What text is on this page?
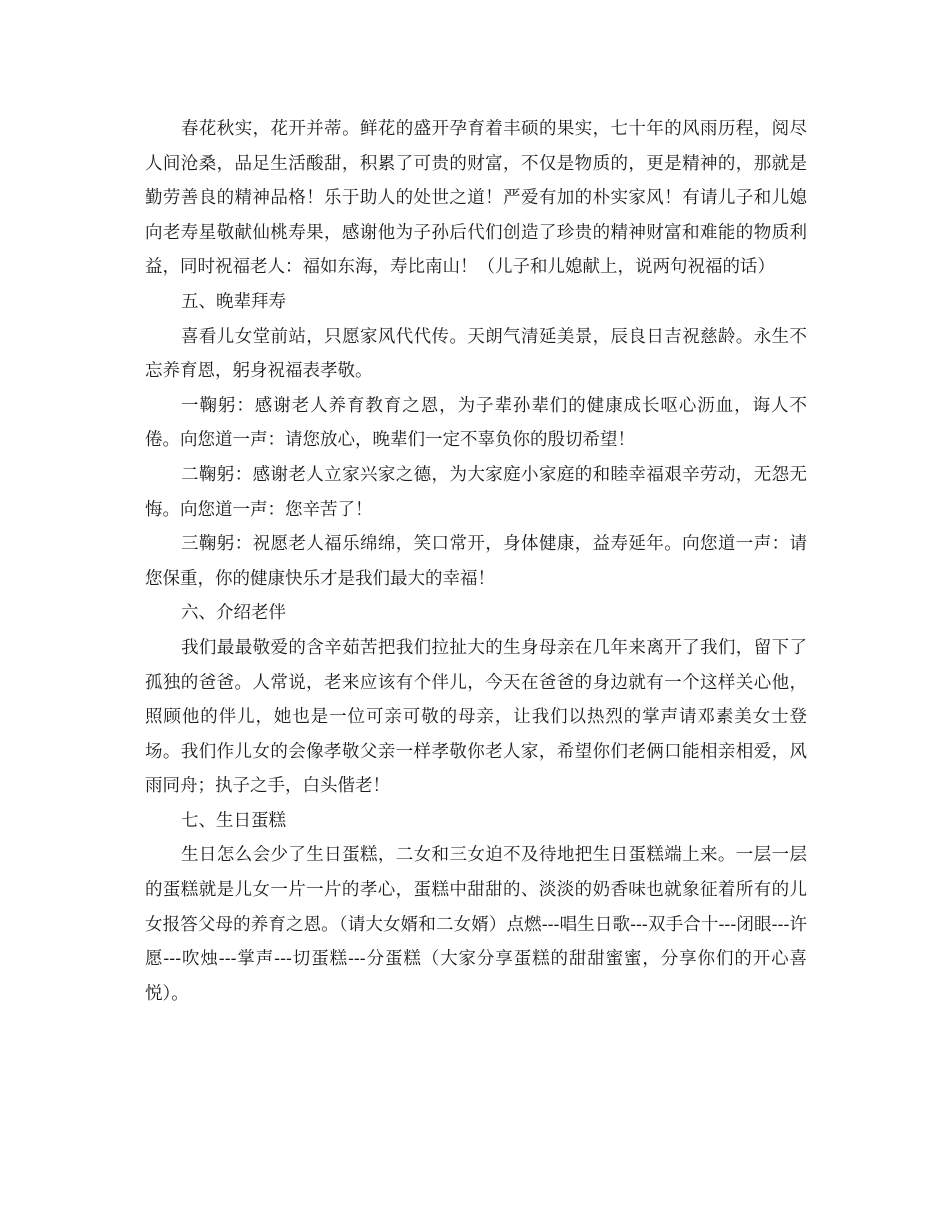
春花秋实，花开并蒂。鲜花的盛开孕育着丰硕的果实，七十年的风雨历程，阅尽人间沧桑，品足生活酸甜，积累了可贵的财富，不仅是物质的，更是精神的，那就是勤劳善良的精神品格！乐于助人的处世之道！严爱有加的朴实家风！有请儿子和儿媳向老寿星敬献仙桃寿果，感谢他为子孙后代们创造了珍贵的精神财富和难能的物质利益，同时祝福老人：福如东海，寿比南山！（儿子和儿媳献上，说两句祝福的话）

五、晚辈拜寿

喜看儿女堂前站，只愿家风代代传。天朗气清延美景，辰良日吉祝慈龄。永生不忘养育恩，躬身祝福表孝敬。

一鞠躬：感谢老人养育教育之恩，为子辈孙辈们的健康成长呕心沥血，诲人不倦。向您道一声：请您放心，晚辈们一定不辜负你的殷切希望！

二鞠躬：感谢老人立家兴家之德，为大家庭小家庭的和睦幸福艰辛劳动，无怨无悔。向您道一声：您辛苦了！

三鞠躬：祝愿老人福乐绵绵，笑口常开，身体健康，益寿延年。向您道一声：请您保重，你的健康快乐才是我们最大的幸福！

六、介绍老伴

我们最最敬爱的含辛茹苦把我们拉扯大的生身母亲在几年来离开了我们，留下了孤独的爸爸。人常说，老来应该有个伴儿，今天在爸爸的身边就有一个这样关心他，照顾他的伴儿，她也是一位可亲可敬的母亲，让我们以热烈的掌声请邓素美女士登场。我们作儿女的会像孝敬父亲一样孝敬你老人家，希望你们老俩口能相亲相爱，风雨同舟；执子之手，白头偕老！

七、生日蛋糕

生日怎么会少了生日蛋糕，二女和三女迫不及待地把生日蛋糕端上来。一层一层的蛋糕就是儿女一片一片的孝心，蛋糕中甜甜的、淡淡的奶香味也就象征着所有的儿女报答父母的养育之恩。（请大女婿和二女婿）点燃---唱生日歌---双手合十---闭眼---许愿---吹烛---掌声---切蛋糕---分蛋糕（大家分享蛋糕的甜甜蜜蜜，分享你们的开心喜悦）。
